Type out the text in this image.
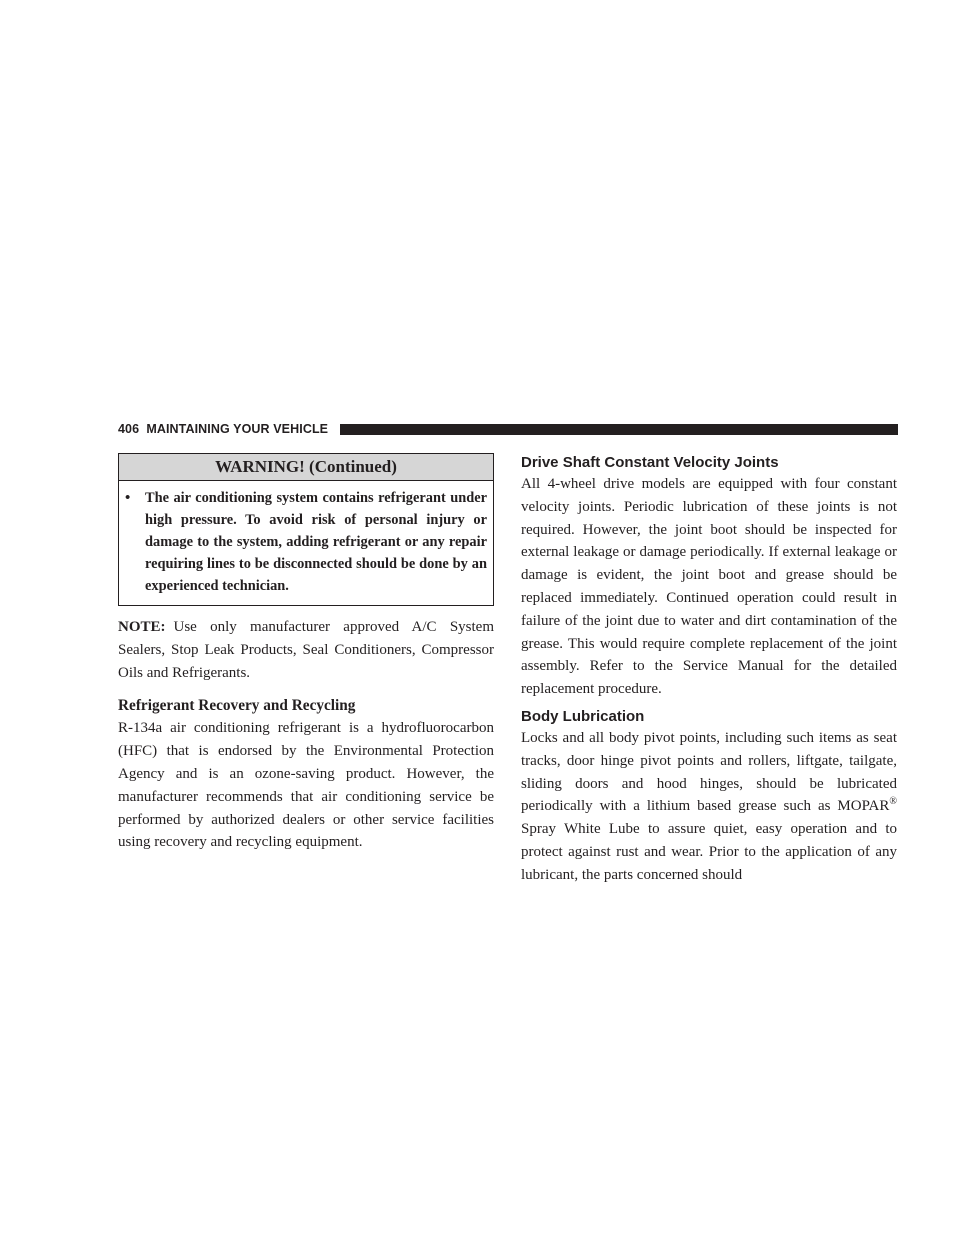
406 MAINTAINING YOUR VEHICLE
WARNING! (Continued)
•	The air conditioning system contains refrigerant under high pressure. To avoid risk of personal injury or damage to the system, adding refrigerant or any repair requiring lines to be disconnected should be done by an experienced technician.

NOTE: Use only manufacturer approved A/C System Sealers, Stop Leak Products, Seal Conditioners, Compressor Oils and Refrigerants.

Refrigerant Recovery and Recycling

R-134a air conditioning refrigerant is a hydrofluorocarbon (HFC) that is endorsed by the Environmental Protection Agency and is an ozone-saving product. However, the manufacturer recommends that air conditioning service be performed by authorized dealers or other service facilities using recovery and recycling equipment.

Drive Shaft Constant Velocity Joints

All 4-wheel drive models are equipped with four constant velocity joints. Periodic lubrication of these joints is not required. However, the joint boot should be inspected for external leakage or damage periodically. If external leakage or damage is evident, the joint boot and grease should be replaced immediately. Continued operation could result in failure of the joint due to water and dirt contamination of the grease. This would require complete replacement of the joint assembly. Refer to the Service Manual for the detailed replacement procedure.

Body Lubrication

Locks and all body pivot points, including such items as seat tracks, door hinge pivot points and rollers, liftgate, tailgate, sliding doors and hood hinges, should be lubricated periodically with a lithium based grease such as MOPAR® Spray White Lube to assure quiet, easy operation and to protect against rust and wear. Prior to the application of any lubricant, the parts concerned should
